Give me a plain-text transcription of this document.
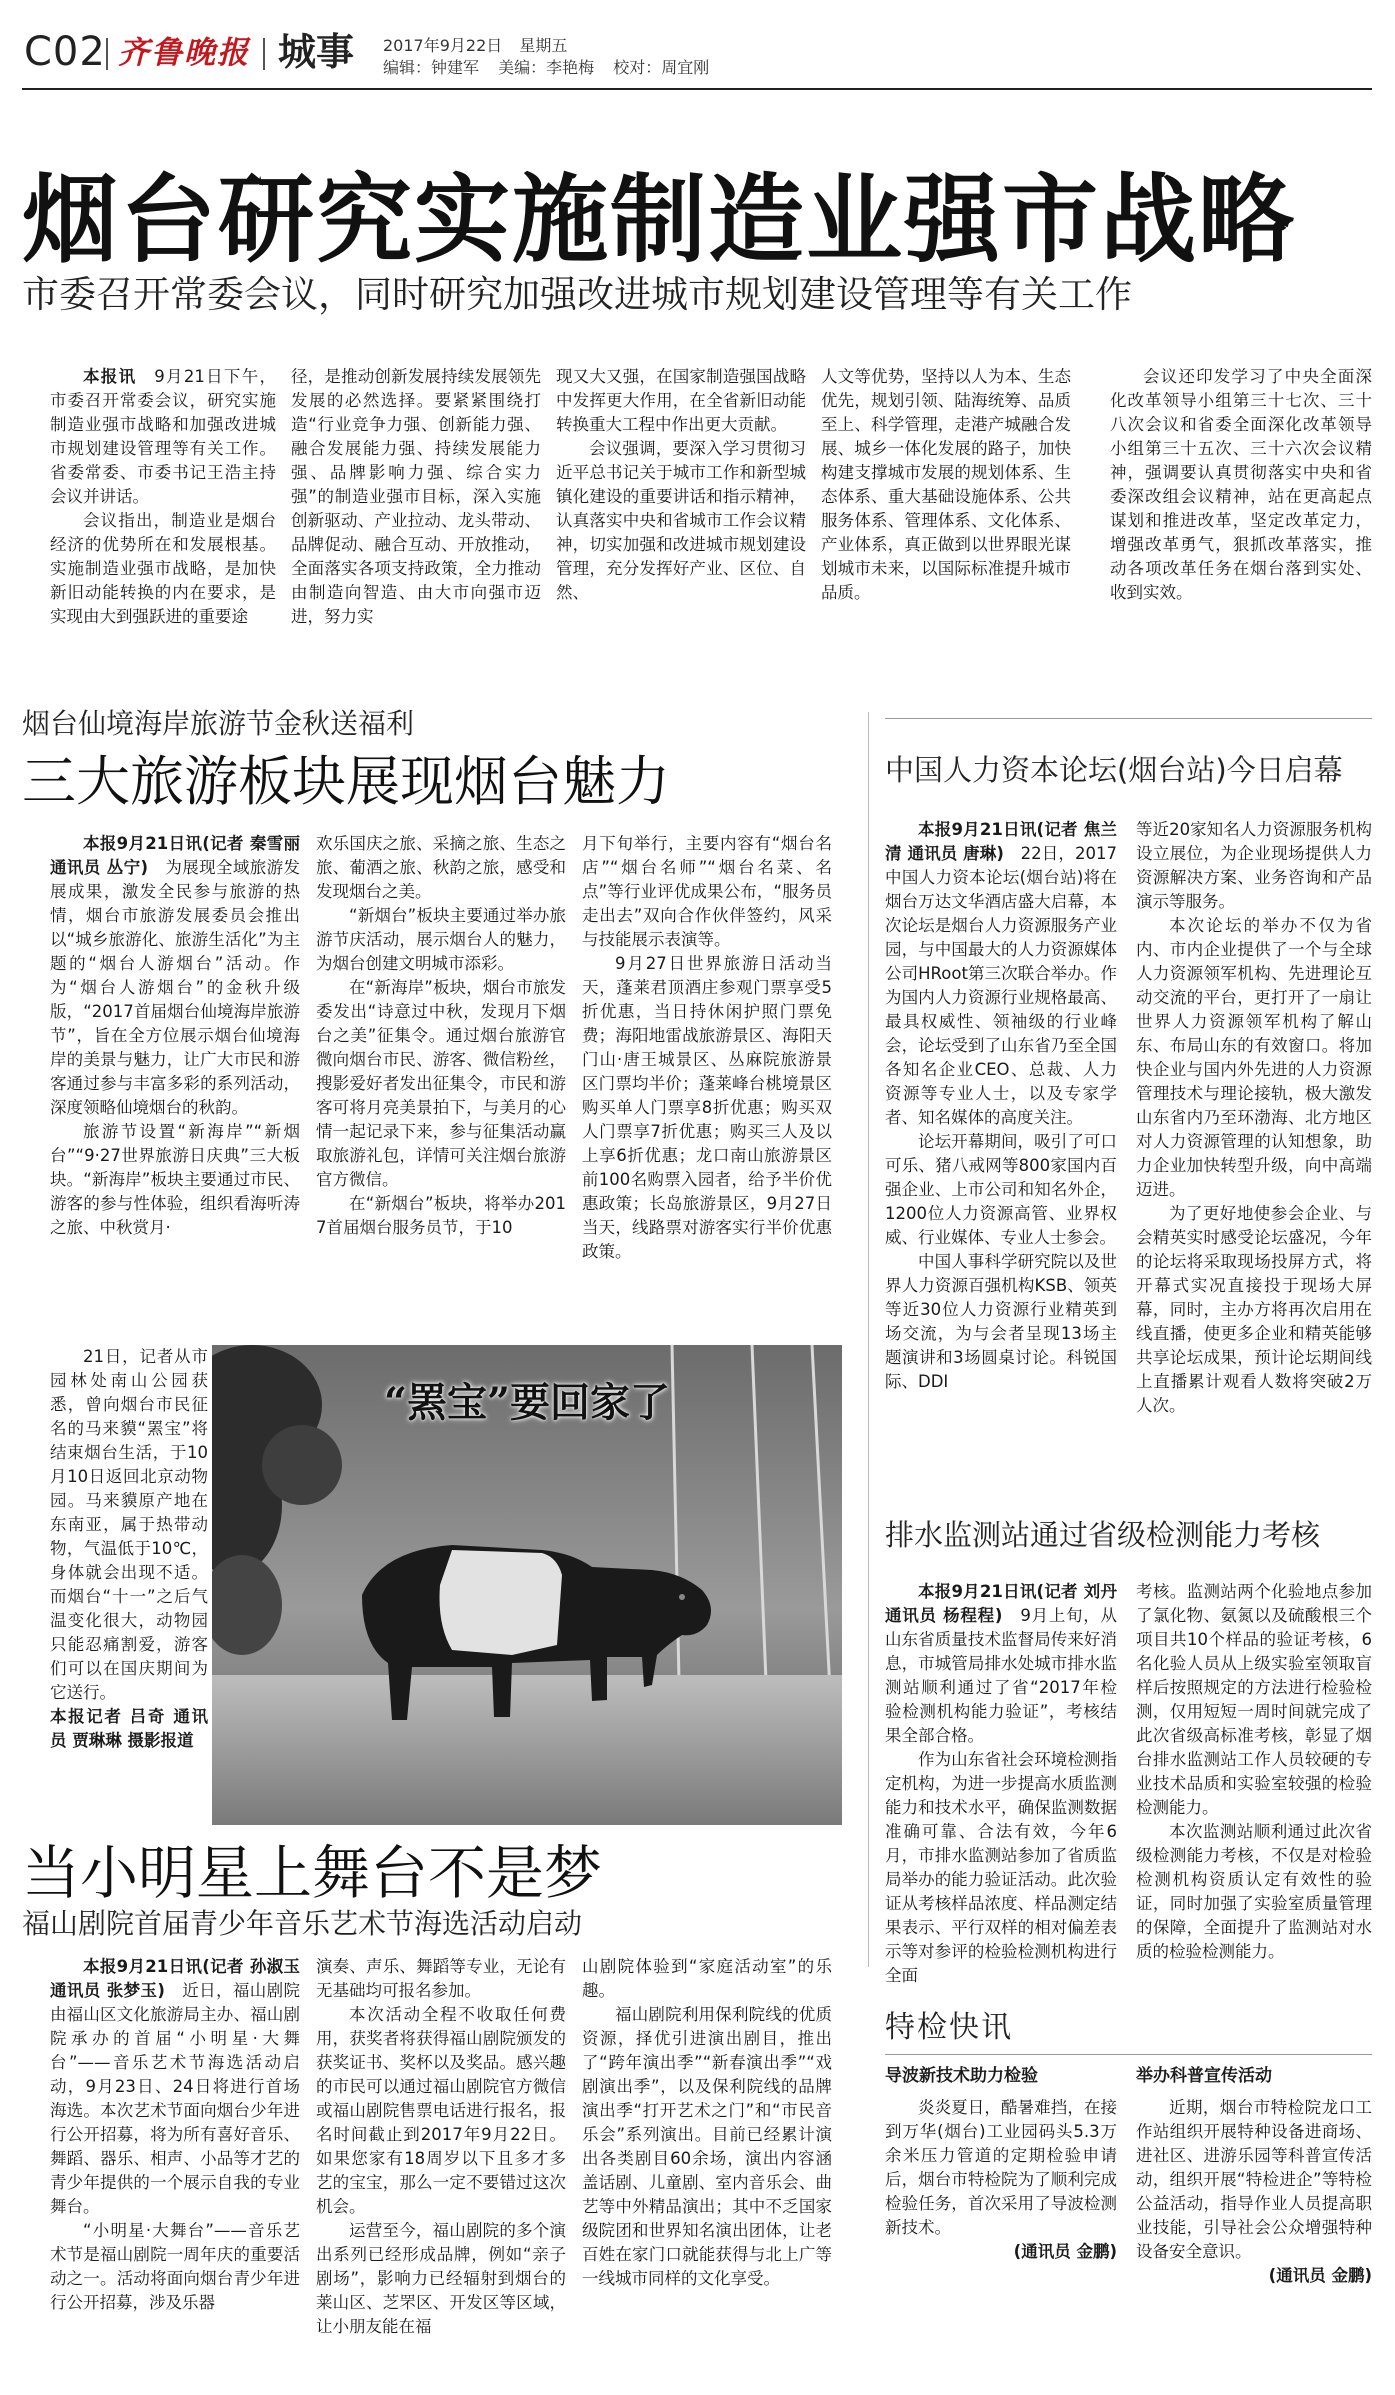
C02 齐鲁晚报 城事 2017年9月22日 星期五
编辑：钟建军 美编：李艳梅 校对：周宜刚
烟台研究实施制造业强市战略
市委召开常委会议，同时研究加强改进城市规划建设管理等有关工作

本报讯　 9月21日下午，市委召开常委会议，研究实施制造业强市战略和加强改进城市规划建设管理等有关工作。省委常委、市委书记王浩主持会议并讲话。

会议指出，制造业是烟台经济的优势所在和发展根基。实施制造业强市战略，是加快新旧动能转换的内在要求，是实现由大到强跃进的重要途

径，是推动创新发展持续发展领先发展的必然选择。要紧紧围绕打造“行业竞争力强、创新能力强、融合发展能力强、持续发展能力强、品牌影响力强、综合实力强”的制造业强市目标，深入实施创新驱动、产业拉动、龙头带动、品牌促动、融合互动、开放推动，全面落实各项支持政策，全力推动由制造向智造、由大市向强市迈进，努力实

现又大又强，在国家制造强国战略中发挥更大作用，在全省新旧动能转换重大工程中作出更大贡献。

会议强调，要深入学习贯彻习近平总书记关于城市工作和新型城镇化建设的重要讲话和指示精神，认真落实中央和省城市工作会议精神，切实加强和改进城市规划建设管理，充分发挥好产业、区位、自然、

人文等优势，坚持以人为本、生态优先，规划引领、陆海统筹、品质至上、科学管理，走港产城融合发展、城乡一体化发展的路子，加快构建支撑城市发展的规划体系、生态体系、重大基础设施体系、公共服务体系、管理体系、文化体系、产业体系，真正做到以世界眼光谋划城市未来，以国际标准提升城市品质。

会议还印发学习了中央全面深化改革领导小组第三十七次、三十八次会议和省委全面深化改革领导小组第三十五次、三十六次会议精神，强调要认真贯彻落实中央和省委深改组会议精神，站在更高起点谋划和推进改革，坚定改革定力，增强改革勇气，狠抓改革落实，推动各项改革任务在烟台落到实处、收到实效。

烟台仙境海岸旅游节金秋送福利
三大旅游板块展现烟台魅力

本报9月21日讯(记者 秦雪丽 通讯员 丛宁)　 为展现全域旅游发展成果，激发全民参与旅游的热情，烟台市旅游发展委员会推出以“城乡旅游化、旅游生活化”为主题的“烟台人游烟台”活动。作为“烟台人游烟台”的金秋升级版，“2017首届烟台仙境海岸旅游节”，旨在全方位展示烟台仙境海岸的美景与魅力，让广大市民和游客通过参与丰富多彩的系列活动，深度领略仙境烟台的秋韵。

旅游节设置“新海岸”“新烟台”“9·27世界旅游日庆典”三大板块。“新海岸”板块主要通过市民、游客的参与性体验，组织看海听涛之旅、中秋赏月·

欢乐国庆之旅、采摘之旅、生态之旅、葡酒之旅、秋韵之旅，感受和发现烟台之美。

“新烟台”板块主要通过举办旅游节庆活动，展示烟台人的魅力，为烟台创建文明城市添彩。

在“新海岸”板块，烟台市旅发委发出“诗意过中秋，发现月下烟台之美”征集令。通过烟台旅游官微向烟台市民、游客、微信粉丝，搜影爱好者发出征集令，市民和游客可将月亮美景拍下，与美月的心情一起记录下来，参与征集活动赢取旅游礼包，详情可关注烟台旅游官方微信。

在“新烟台”板块，将举办2017首届烟台服务员节，于10

月下旬举行，主要内容有“烟台名店”“烟台名师”“烟台名菜、名点”等行业评优成果公布，“服务员走出去”双向合作伙伴签约，风采与技能展示表演等。

9月27日世界旅游日活动当天，蓬莱君顶酒庄参观门票享受5折优惠，当日持休闲护照门票免费；海阳地雷战旅游景区、海阳天门山·唐王城景区、丛麻院旅游景区门票均半价；蓬莱峰台桃境景区购买单人门票享8折优惠；购买双人门票享7折优惠；购买三人及以上享6折优惠；龙口南山旅游景区前100名购票入园者，给予半价优惠政策；长岛旅游景区，9月27日当天，线路票对游客实行半价优惠政策。

21日，记者从市园林处南山公园获悉，曾向烟台市民征名的马来貘“罴宝”将结束烟台生活，于10月10日返回北京动物园。马来貘原产地在东南亚，属于热带动物，气温低于10℃，身体就会出现不适。而烟台“十一”之后气温变化很大，动物园只能忍痛割爱，游客们可以在国庆期间为它送行。

本报记者 吕奇 通讯员 贾琳琳 摄影报道

“罴宝”要回家了
当小明星上舞台不是梦
福山剧院首届青少年音乐艺术节海选活动启动

本报9月21日讯(记者 孙淑玉 通讯员 张梦玉)　 近日，福山剧院由福山区文化旅游局主办、福山剧院承办的首届“小明星·大舞台”——音乐艺术节海选活动启动，9月23日、24日将进行首场海选。本次艺术节面向烟台少年进行公开招募，将为所有喜好音乐、舞蹈、器乐、相声、小品等才艺的青少年提供的一个展示自我的专业舞台。

“小明星·大舞台”——音乐艺术节是福山剧院一周年庆的重要活动之一。活动将面向烟台青少年进行公开招募，涉及乐器

演奏、声乐、舞蹈等专业，无论有无基础均可报名参加。

本次活动全程不收取任何费用，获奖者将获得福山剧院颁发的获奖证书、奖杯以及奖品。感兴趣的市民可以通过福山剧院官方微信或福山剧院售票电话进行报名，报名时间截止到2017年9月22日。如果您家有18周岁以下且多才多艺的宝宝，那么一定不要错过这次机会。

运营至今，福山剧院的多个演出系列已经形成品牌，例如“亲子剧场”，影响力已经辐射到烟台的莱山区、芝罘区、开发区等区域，让小朋友能在福

山剧院体验到“家庭活动室”的乐趣。

福山剧院利用保利院线的优质资源，择优引进演出剧目，推出了“跨年演出季”“新春演出季”“戏剧演出季”，以及保利院线的品牌演出季“打开艺术之门”和“市民音乐会”系列演出。目前已经累计演出各类剧目60余场，演出内容涵盖话剧、儿童剧、室内音乐会、曲艺等中外精品演出；其中不乏国家级院团和世界知名演出团体，让老百姓在家门口就能获得与北上广等一线城市同样的文化享受。

中国人力资本论坛(烟台站)今日启幕

本报9月21日讯(记者 焦兰清 通讯员 唐琳)　 22日，2017中国人力资本论坛(烟台站)将在烟台万达文华酒店盛大启幕，本次论坛是烟台人力资源服务产业园，与中国最大的人力资源媒体公司HRoot第三次联合举办。作为国内人力资源行业规格最高、最具权威性、领袖级的行业峰会，论坛受到了山东省乃至全国各知名企业CEO、总裁、人力资源等专业人士，以及专家学者、知名媒体的高度关注。

论坛开幕期间，吸引了可口可乐、猪八戒网等800家国内百强企业、上市公司和知名外企，1200位人力资源高管、业界权威、行业媒体、专业人士参会。

中国人事科学研究院以及世界人力资源百强机构KSB、领英等近30位人力资源行业精英到场交流，为与会者呈现13场主题演讲和3场圆桌讨论。科锐国际、DDI

等近20家知名人力资源服务机构设立展位，为企业现场提供人力资源解决方案、业务咨询和产品演示等服务。

本次论坛的举办不仅为省内、市内企业提供了一个与全球人力资源领军机构、先进理论互动交流的平台，更打开了一扇让世界人力资源领军机构了解山东、布局山东的有效窗口。将加快企业与国内外先进的人力资源管理技术与理论接轨，极大激发山东省内乃至环渤海、北方地区对人力资源管理的认知想象，助力企业加快转型升级，向中高端迈进。

为了更好地使参会企业、与会精英实时感受论坛盛况，今年的论坛将采取现场投屏方式，将开幕式实况直接投于现场大屏幕，同时，主办方将再次启用在线直播，使更多企业和精英能够共享论坛成果，预计论坛期间线上直播累计观看人数将突破2万人次。

排水监测站通过省级检测能力考核

本报9月21日讯(记者 刘丹 通讯员 杨程程)　 9月上旬，从山东省质量技术监督局传来好消息，市城管局排水处城市排水监测站顺利通过了省“2017年检验检测机构能力验证”，考核结果全部合格。

作为山东省社会环境检测指定机构，为进一步提高水质监测能力和技术水平，确保监测数据准确可靠、合法有效，今年6月，市排水监测站参加了省质监局举办的能力验证活动。此次验证从考核样品浓度、样品测定结果表示、平行双样的相对偏差表示等对参评的检验检测机构进行全面

考核。监测站两个化验地点参加了氯化物、氨氮以及硫酸根三个项目共10个样品的验证考核，6名化验人员从上级实验室领取盲样后按照规定的方法进行检验检测，仅用短短一周时间就完成了此次省级高标准考核，彰显了烟台排水监测站工作人员较硬的专业技术品质和实验室较强的检验检测能力。

本次监测站顺利通过此次省级检测能力考核，不仅是对检验检测机构资质认定有效性的验证，同时加强了实验室质量管理的保障，全面提升了监测站对水质的检验检测能力。

特检快讯

导波新技术助力检验

炎炎夏日，酷暑难挡，在接到万华(烟台)工业园码头5.3万余米压力管道的定期检验申请后，烟台市特检院为了顺利完成检验任务，首次采用了导波检测新技术。

(通讯员 金鹏)

举办科普宣传活动

近期，烟台市特检院龙口工作站组织开展特种设备进商场、进社区、进游乐园等科普宣传活动，组织开展“特检进企”等特检公益活动，指导作业人员提高职业技能，引导社会公众增强特种设备安全意识。

(通讯员 金鹏)
